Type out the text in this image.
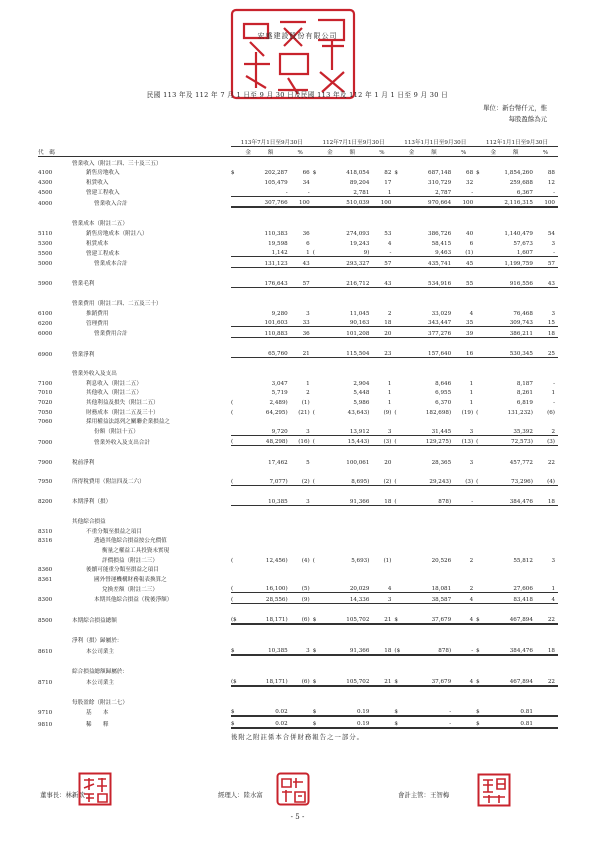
宏盛建設股份有限公司
民國 113 年及 112 年 7 月 1 日至 9 月 30 日及民國 113 年及 112 年 1 月 1 日至 9 月 30 日
單位：新台幣仟元，惟
每股盈餘為元
		113年7月1日至9月30日			112年7月1日至9月30日			113年1月1日至9月30日			112年1月1日至9月30日		
代　碼		金　　　額		%	金　　　額		%	金　　　額		%	金　　　額		%
	營業收入（附註二四、三十及三五）												
4100	銷售房地收入	$	202,287	66	$	418,054	82	$	687,148	68	$	1,854,260	88
4300	租賃收入		105,479	34		89,204	17		310,729	32		259,688	12
4500	營建工程收入		-	-		2,781	1		2,787	-		6,367	-
4000	營業收入合計		307,766	100		510,039	100		970,664	100		2,116,315	100

	營業成本（附註二五）												
5110	銷售房地成本（附註八）		110,383	36		274,093	53		386,726	40		1,140,479	54
5300	租賃成本		19,598	6		19,243	4		58,415	6		57,673	3
5500	營建工程成本		1,142	1	(	9)	-		9,463	(1)		1,607	-
5000	營業成本合計		131,123	43		293,327	57		435,741	45		1,199,759	57

5900	營業毛利		176,643	57		216,712	43		534,916	55		916,556	43

	營業費用（附註二四、二五及三十）												
6100	推銷費用		9,280	3		11,045	2		33,029	4		76,468	3
6200	管理費用		101,603	33		90,163	18		343,447	35		309,743	15
6000	營業費用合計		110,883	36		101,208	20		377,276	39		386,211	18

6900	營業淨利		65,760	21		115,504	23		157,640	16		530,345	25

	營業外收入及支出												
7100	利息收入（附註二五）		3,047	1		2,904	1		8,646	1		8,187	-
7010	其他收入（附註二五）		5,719	2		5,448	1		6,955	1		8,261	1
7020	其他利益及損失（附註二五）	(	2,489)	(1)		5,986	1		6,370	1		6,819	-
7050	財務成本（附註二五及三十）	(	64,295)	(21)	(	43,643)	(9)	(	182,698)	(19)	(	131,232)	(6)
7060	採用權益法認列之關聯企業損益之												
	份額（附註十五）		9,720	3		13,912	3		31,445	3		35,392	2
7000	營業外收入及支出合計	(	48,298)	(16)	(	15,443)	(3)	(	129,275)	(13)	(	72,573)	(3)

7900	稅前淨利		17,462	5		100,061	20		28,365	3		457,772	22

7950	所得稅費用（附註四及二六）	(	7,077)	(2)	(	8,695)	(2)	(	29,243)	(3)	(	73,296)	(4)

8200	本期淨利（損）		10,385	3		91,366	18	(	878)	-		384,476	18

	其他綜合損益												
8310	不重分類至損益之項目												
8316	透過其他綜合損益按公允價值												
	衡量之權益工具投資未實現												
	評價損益（附註二三）	(	12,456)	(4)	(	5,693)	(1)		20,526	2		55,812	3
8360	後續可能重分類至損益之項目												
8361	國外營運機構財務報表換算之												
	兌換差額（附註二三）	(	16,100)	(5)		20,029	4		18,081	2		27,606	1
8300	本期其他綜合損益（稅後淨額）	(	28,556)	(9)		14,336	3		38,587	4		83,418	4

8500	本期綜合損益總額	($	18,171)	(6)	$	105,702	21	$	37,679	4	$	467,894	22

	淨利（損）歸屬於：												
8610	本公司業主	$	10,385	3	$	91,366	18	($	878)	-	$	384,476	18

	綜合損益總額歸屬於：												
8710	本公司業主	($	18,171)	(6)	$	105,702	21	$	37,679	4	$	467,894	22

	每股盈餘（附註二七）												
9710	基　　本	$	0.02		$	0.19		$	-		$	0.81	
9810	稀　　釋	$	0.02		$	0.19		$	-		$	0.81	
後附之附註係本合併財務報告之一部分。
董事長：林新欽	經理人：陸水富	會計主管：王智梅
- 5 -
